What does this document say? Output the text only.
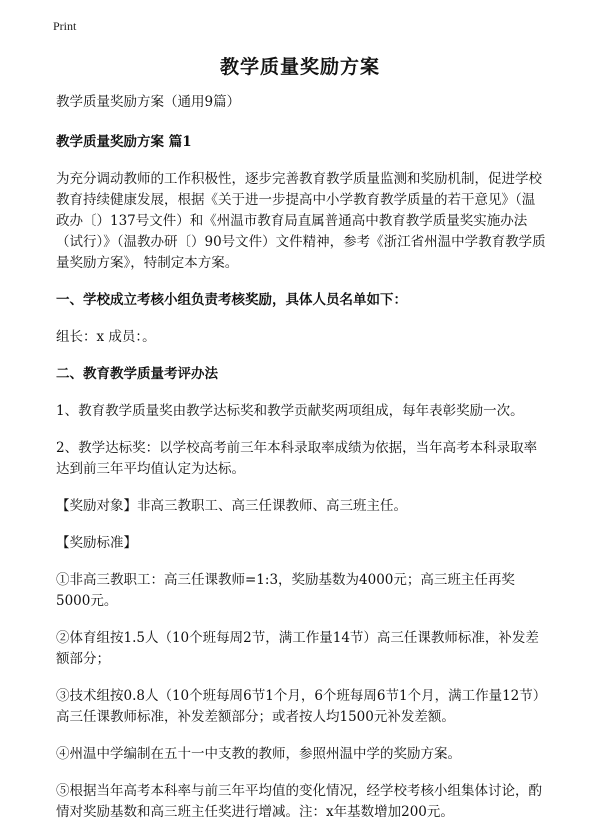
Print
教学质量奖励方案

教学质量奖励方案（通用9篇）

教学质量奖励方案 篇1

为充分调动教师的工作积极性，逐步完善教育教学质量监测和奖励机制，促进学校教育持续健康发展，根据《关于进一步提高中小学教育教学质量的若干意见》（温政办〔）137号文件）和《州温市教育局直属普通高中教育教学质量奖实施办法（试行）》（温教办研〔）90号文件）文件精神，参考《浙江省州温中学教育教学质量奖励方案》，特制定本方案。

一、学校成立考核小组负责考核奖励，具体人员名单如下：

组长：x 成员：。

二、教育教学质量考评办法

1、教育教学质量奖由教学达标奖和教学贡献奖两项组成，每年表彰奖励一次。

2、教学达标奖：以学校高考前三年本科录取率成绩为依据，当年高考本科录取率达到前三年平均值认定为达标。

【奖励对象】非高三教职工、高三任课教师、高三班主任。

【奖励标准】

①非高三教职工：高三任课教师=1:3，奖励基数为4000元；高三班主任再奖5000元。

②体育组按1.5人（10个班每周2节，满工作量14节）高三任课教师标准，补发差额部分；

③技术组按0.8人（10个班每周6节1个月，6个班每周6节1个月，满工作量12节）高三任课教师标准，补发差额部分；或者按人均1500元补发差额。

④州温中学编制在五十一中支教的教师，参照州温中学的奖励方案。

⑤根据当年高考本科率与前三年平均值的变化情况，经学校考核小组集体讨论，酌情对奖励基数和高三班主任奖进行增减。注：x年基数增加200元。
